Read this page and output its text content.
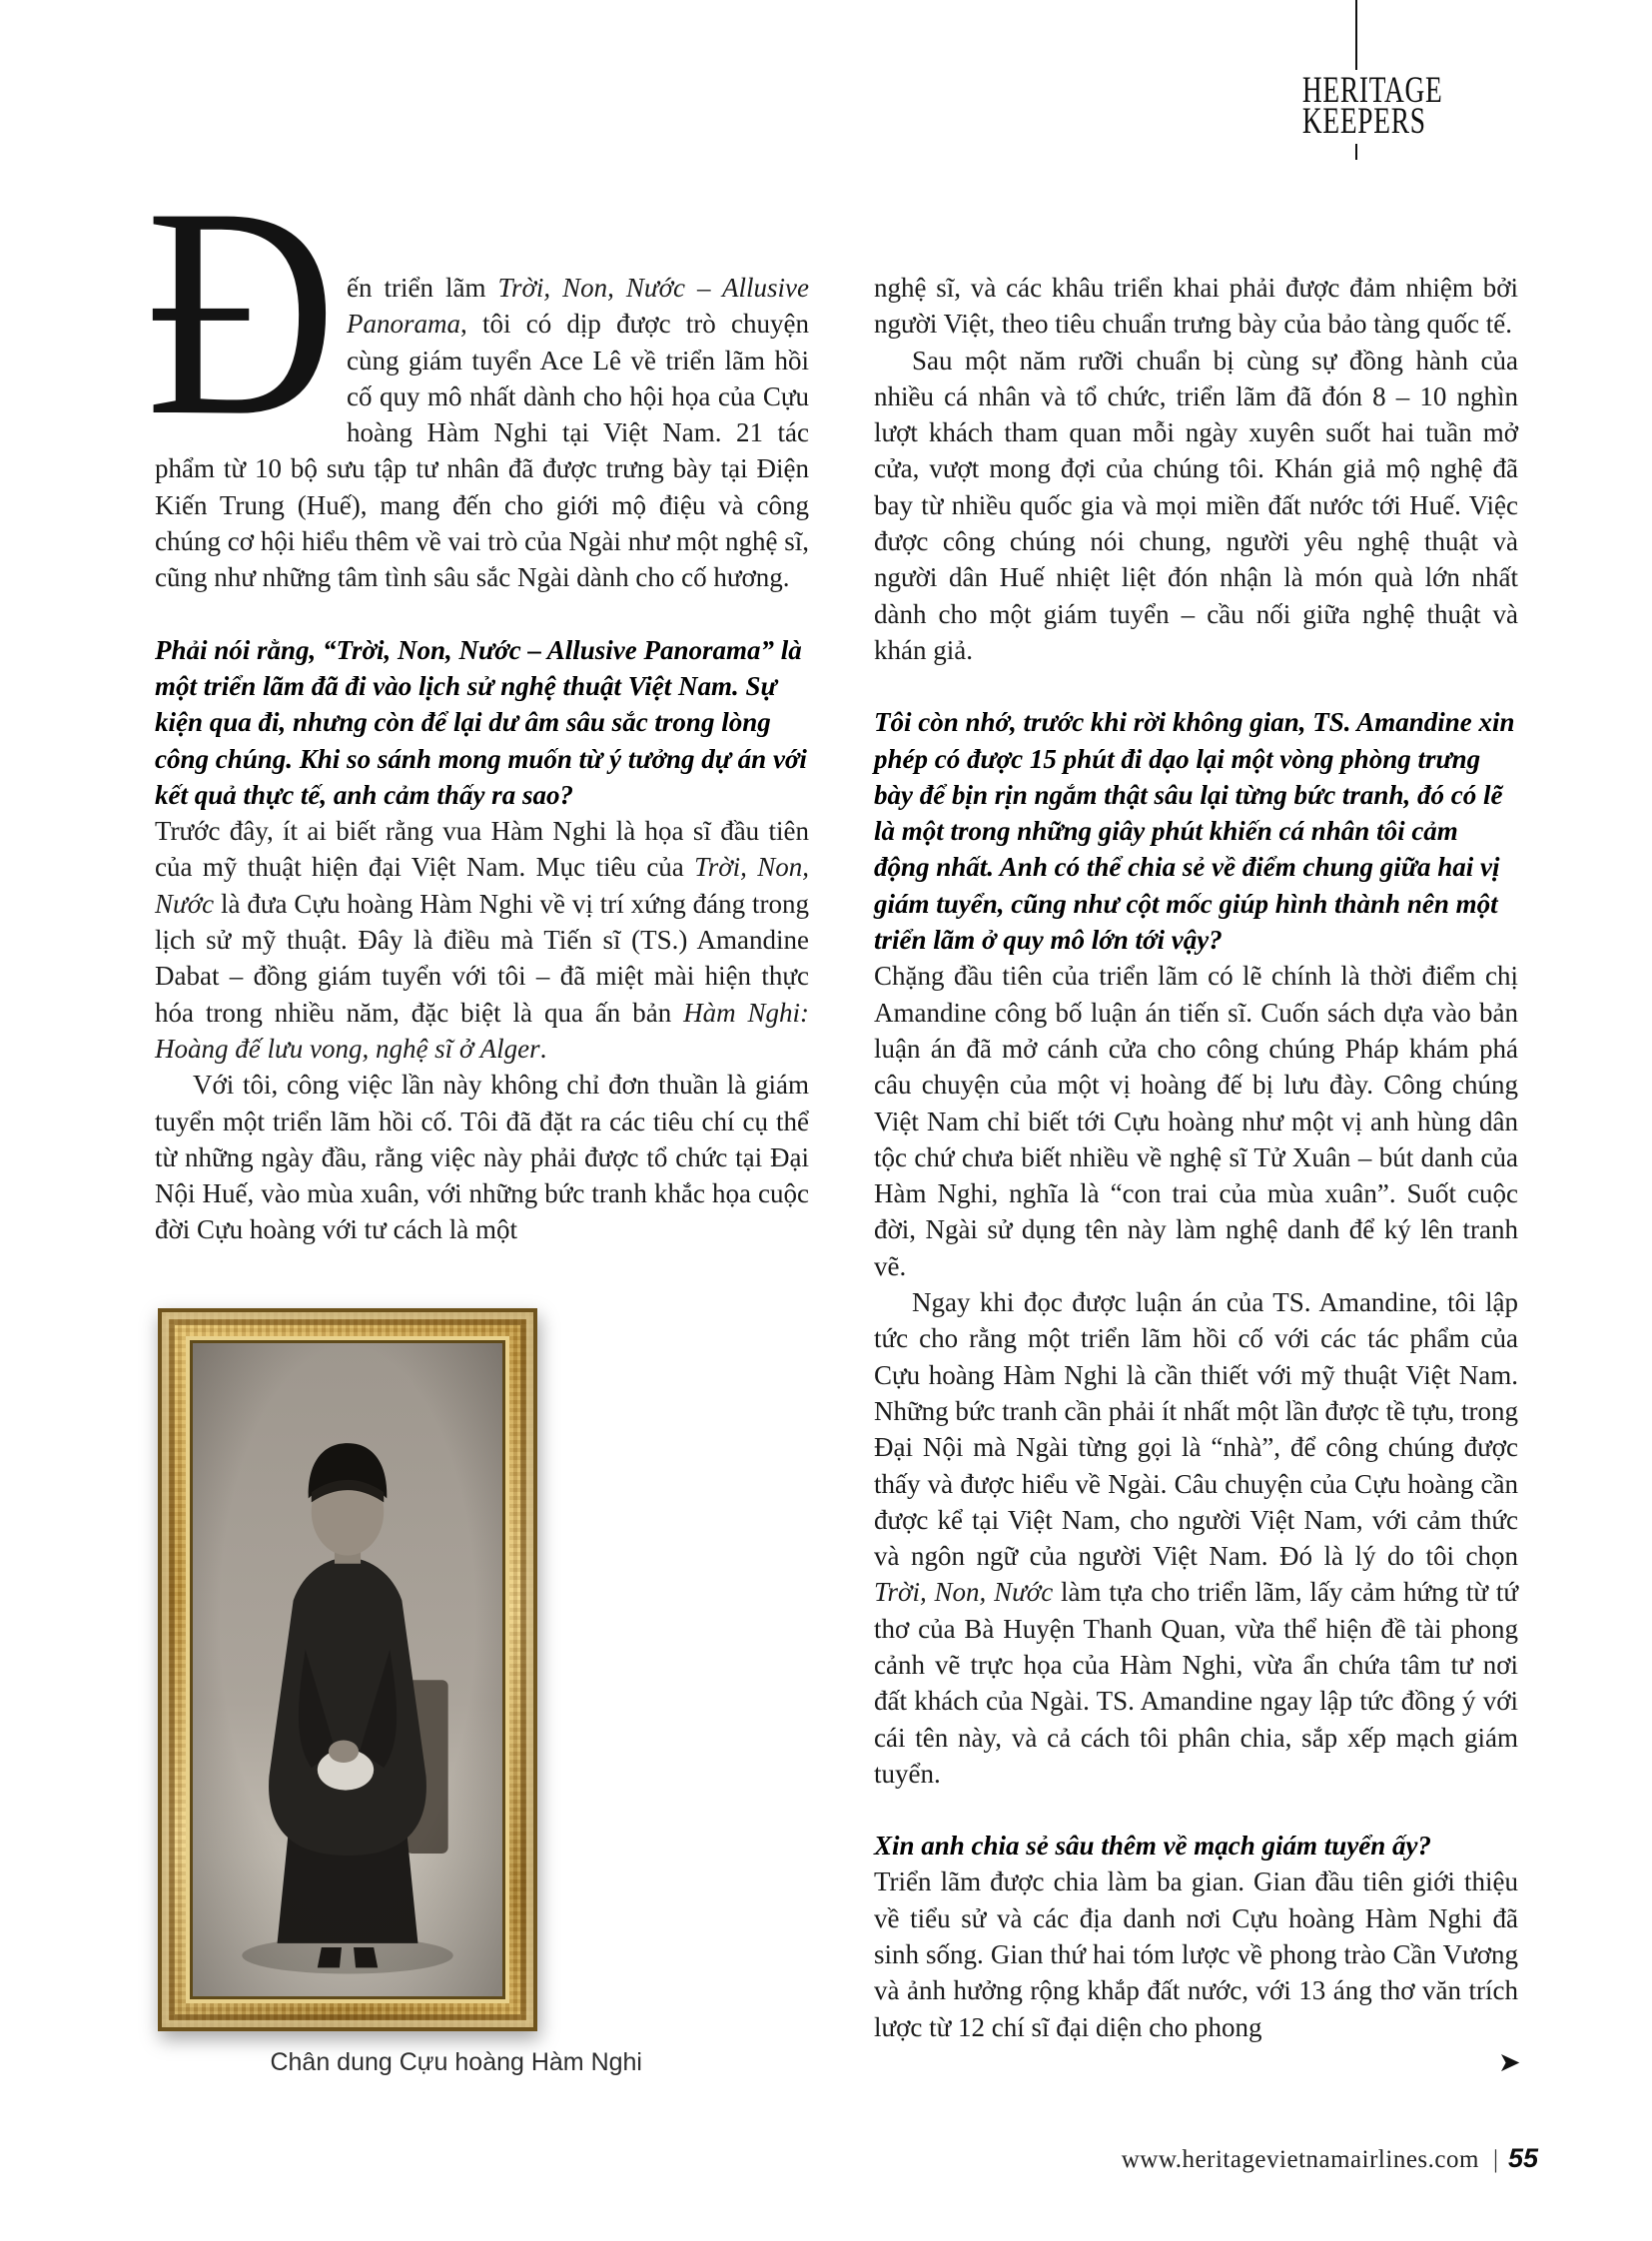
HERITAGE
KEEPERS
Đ ến triển lãm Trời, Non, Nước – Allusive Panorama, tôi có dịp được trò chuyện cùng giám tuyển Ace Lê về triển lãm hồi cố quy mô nhất dành cho hội họa của Cựu hoàng Hàm Nghi tại Việt Nam. 21 tác phẩm từ 10 bộ sưu tập tư nhân đã được trưng bày tại Điện Kiến Trung (Huế), mang đến cho giới mộ điệu và công chúng cơ hội hiểu thêm về vai trò của Ngài như một nghệ sĩ, cũng như những tâm tình sâu sắc Ngài dành cho cố hương.

Phải nói rằng, “Trời, Non, Nước – Allusive Panorama” là một triển lãm đã đi vào lịch sử nghệ thuật Việt Nam. Sự kiện qua đi, nhưng còn để lại dư âm sâu sắc trong lòng công chúng. Khi so sánh mong muốn từ ý tưởng dự án với kết quả thực tế, anh cảm thấy ra sao?

Trước đây, ít ai biết rằng vua Hàm Nghi là họa sĩ đầu tiên của mỹ thuật hiện đại Việt Nam. Mục tiêu của Trời, Non, Nước là đưa Cựu hoàng Hàm Nghi về vị trí xứng đáng trong lịch sử mỹ thuật. Đây là điều mà Tiến sĩ (TS.) Amandine Dabat – đồng giám tuyển với tôi – đã miệt mài hiện thực hóa trong nhiều năm, đặc biệt là qua ấn bản Hàm Nghi: Hoàng đế lưu vong, nghệ sĩ ở Alger.

Với tôi, công việc lần này không chỉ đơn thuần là giám tuyển một triển lãm hồi cố. Tôi đã đặt ra các tiêu chí cụ thể từ những ngày đầu, rằng việc này phải được tổ chức tại Đại Nội Huế, vào mùa xuân, với những bức tranh khắc họa cuộc đời Cựu hoàng với tư cách là một

nghệ sĩ, và các khâu triển khai phải được đảm nhiệm bởi người Việt, theo tiêu chuẩn trưng bày của bảo tàng quốc tế.

Sau một năm rưỡi chuẩn bị cùng sự đồng hành của nhiều cá nhân và tổ chức, triển lãm đã đón 8 – 10 nghìn lượt khách tham quan mỗi ngày xuyên suốt hai tuần mở cửa, vượt mong đợi của chúng tôi. Khán giả mộ nghệ đã bay từ nhiều quốc gia và mọi miền đất nước tới Huế. Việc được công chúng nói chung, người yêu nghệ thuật và người dân Huế nhiệt liệt đón nhận là món quà lớn nhất dành cho một giám tuyển – cầu nối giữa nghệ thuật và khán giả.

Tôi còn nhớ, trước khi rời không gian, TS. Amandine xin phép có được 15 phút đi dạo lại một vòng phòng trưng bày để bịn rịn ngắm thật sâu lại từng bức tranh, đó có lẽ là một trong những giây phút khiến cá nhân tôi cảm động nhất. Anh có thể chia sẻ về điểm chung giữa hai vị giám tuyển, cũng như cột mốc giúp hình thành nên một triển lãm ở quy mô lớn tới vậy?

Chặng đầu tiên của triển lãm có lẽ chính là thời điểm chị Amandine công bố luận án tiến sĩ. Cuốn sách dựa vào bản luận án đã mở cánh cửa cho công chúng Pháp khám phá câu chuyện của một vị hoàng đế bị lưu đày. Công chúng Việt Nam chỉ biết tới Cựu hoàng như một vị anh hùng dân tộc chứ chưa biết nhiều về nghệ sĩ Tử Xuân – bút danh của Hàm Nghi, nghĩa là “con trai của mùa xuân”. Suốt cuộc đời, Ngài sử dụng tên này làm nghệ danh để ký lên tranh vẽ.

Ngay khi đọc được luận án của TS. Amandine, tôi lập tức cho rằng một triển lãm hồi cố với các tác phẩm của Cựu hoàng Hàm Nghi là cần thiết với mỹ thuật Việt Nam. Những bức tranh cần phải ít nhất một lần được tề tựu, trong Đại Nội mà Ngài từng gọi là “nhà”, để công chúng được thấy và được hiểu về Ngài. Câu chuyện của Cựu hoàng cần được kể tại Việt Nam, cho người Việt Nam, với cảm thức và ngôn ngữ của người Việt Nam. Đó là lý do tôi chọn Trời, Non, Nước làm tựa cho triển lãm, lấy cảm hứng từ tứ thơ của Bà Huyện Thanh Quan, vừa thể hiện đề tài phong cảnh vẽ trực họa của Hàm Nghi, vừa ẩn chứa tâm tư nơi đất khách của Ngài. TS. Amandine ngay lập tức đồng ý với cái tên này, và cả cách tôi phân chia, sắp xếp mạch giám tuyển.

Xin anh chia sẻ sâu thêm về mạch giám tuyển ấy?

Triển lãm được chia làm ba gian. Gian đầu tiên giới thiệu về tiểu sử và các địa danh nơi Cựu hoàng Hàm Nghi đã sinh sống. Gian thứ hai tóm lược về phong trào Cần Vương và ảnh hưởng rộng khắp đất nước, với 13 áng thơ văn trích lược từ 12 chí sĩ đại diện cho phong

Chân dung Cựu hoàng Hàm Nghi	➤
www.heritagevietnamairlines.com | 55
